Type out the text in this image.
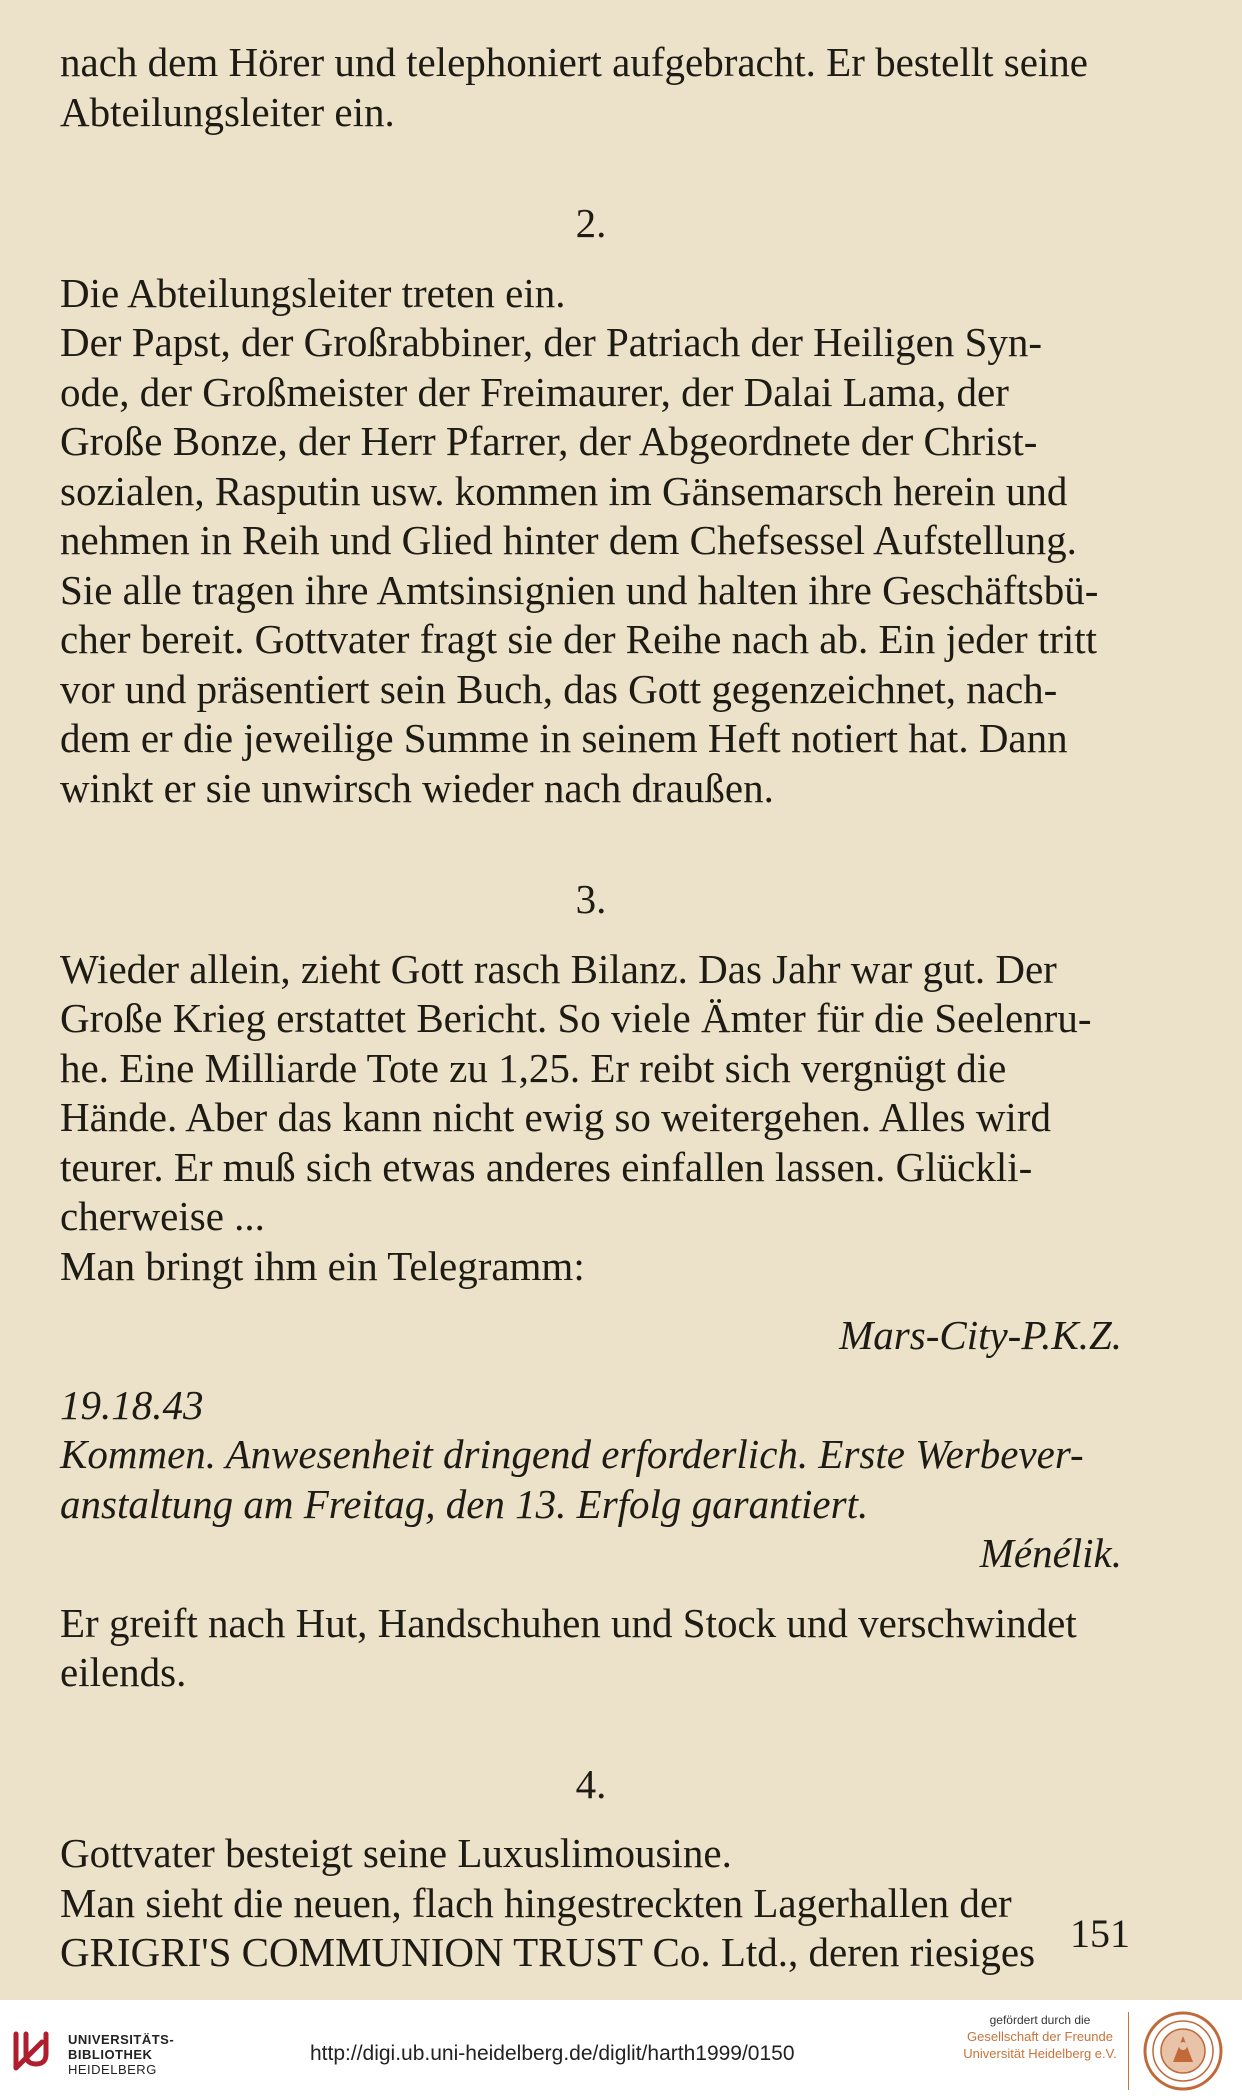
nach dem Hörer und telephoniert aufgebracht. Er bestellt seine

Abteilungsleiter ein.

2.

Die Abteilungsleiter treten ein.

Der Papst, der Großrabbiner, der Patriach der Heiligen Syn-

ode, der Großmeister der Freimaurer, der Dalai Lama, der

Große Bonze, der Herr Pfarrer, der Abgeordnete der Christ-

sozialen, Rasputin usw. kommen im Gänsemarsch herein und

nehmen in Reih und Glied hinter dem Chefsessel Aufstellung.

Sie alle tragen ihre Amtsinsignien und halten ihre Geschäftsbü-

cher bereit. Gottvater fragt sie der Reihe nach ab. Ein jeder tritt

vor und präsentiert sein Buch, das Gott gegenzeichnet, nach-

dem er die jeweilige Summe in seinem Heft notiert hat. Dann

winkt er sie unwirsch wieder nach draußen.

3.

Wieder allein, zieht Gott rasch Bilanz. Das Jahr war gut. Der

Große Krieg erstattet Bericht. So viele Ämter für die Seelenru-

he. Eine Milliarde Tote zu 1,25. Er reibt sich vergnügt die

Hände. Aber das kann nicht ewig so weitergehen. Alles wird

teurer. Er muß sich etwas anderes einfallen lassen. Glückli-

cherweise ...

Man bringt ihm ein Telegramm:

Mars-City-P.K.Z.

19.18.43

Kommen. Anwesenheit dringend erforderlich. Erste Werbever-

anstaltung am Freitag, den 13. Erfolg garantiert.

Ménélik.

Er greift nach Hut, Handschuhen und Stock und verschwindet

eilends.

4.

Gottvater besteigt seine Luxuslimousine.

Man sieht die neuen, flach hingestreckten Lagerhallen der

GRIGRI'S COMMUNION TRUST Co. Ltd., deren riesiges 151
UNIVERSITÄTS-
BIBLIOTHEK
HEIDELBERG
http://digi.ub.uni-heidelberg.de/diglit/harth1999/0150
gefördert durch die
Gesellschaft der Freunde
Universität Heidelberg e.V.
